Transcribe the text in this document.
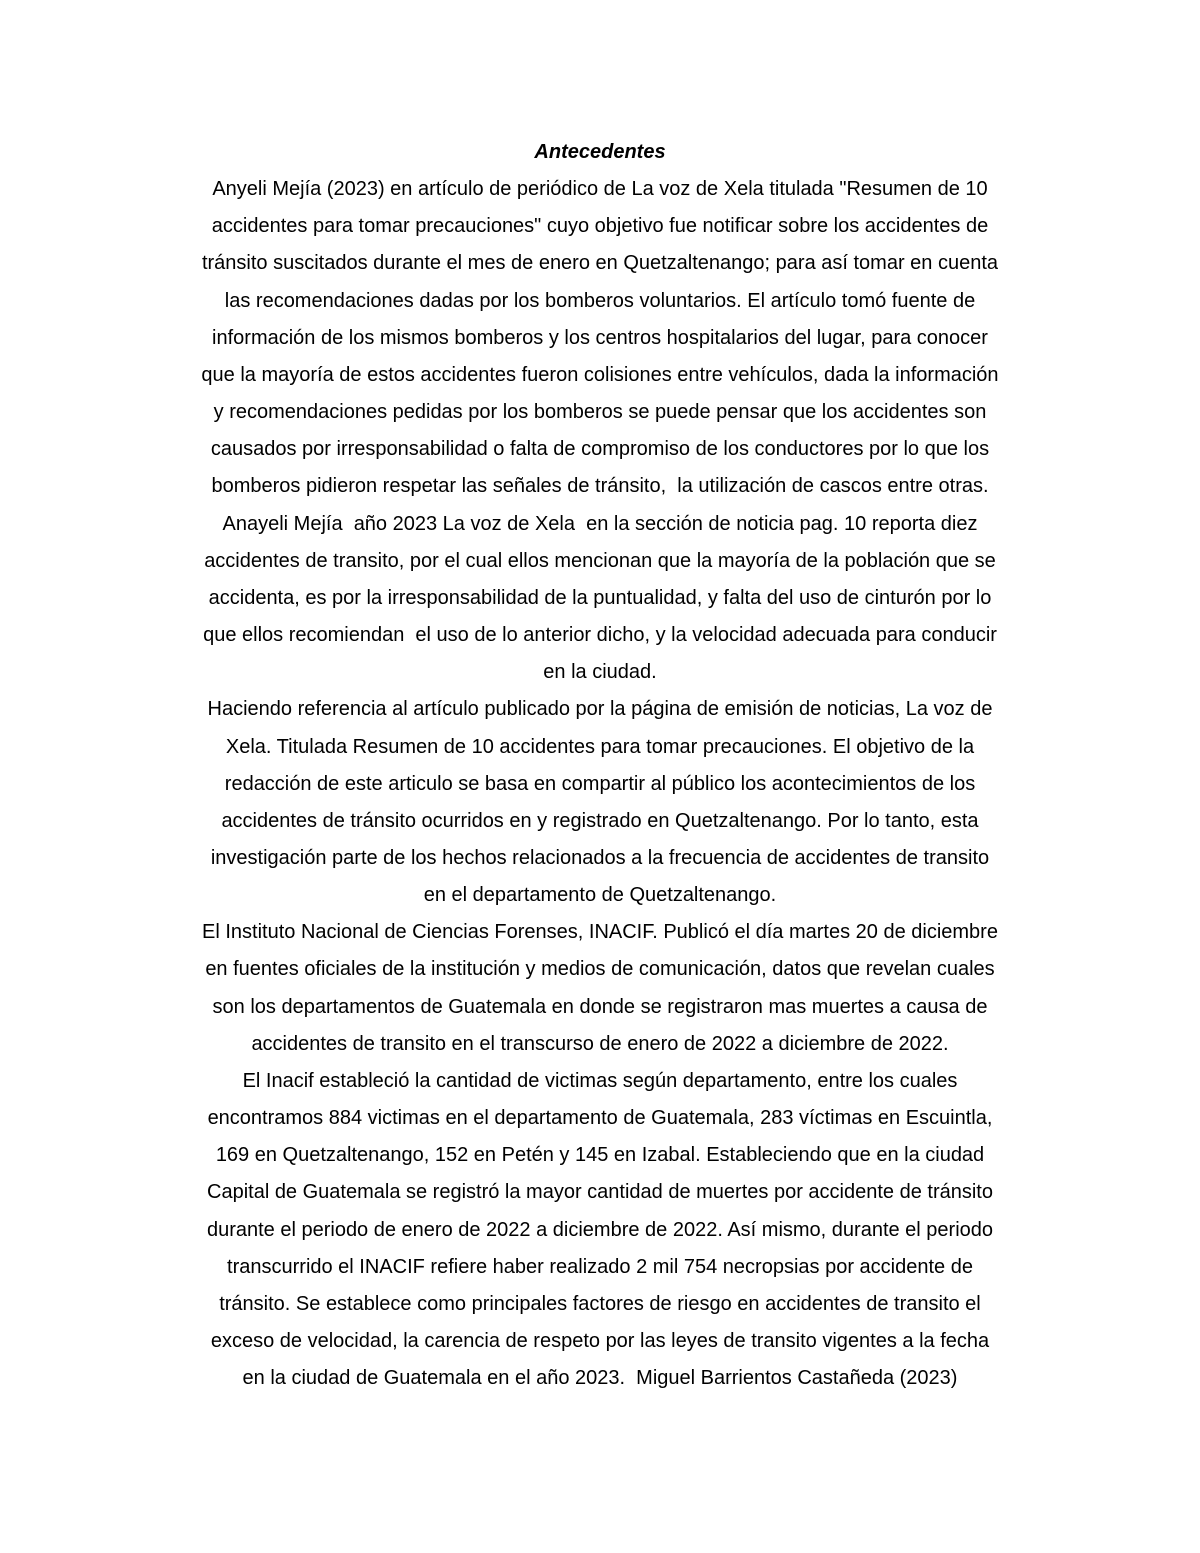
Antecedentes
Anyeli Mejía (2023) en artículo de periódico de La voz de Xela titulada "Resumen de 10
accidentes para tomar precauciones" cuyo objetivo fue notificar sobre los accidentes de
tránsito suscitados durante el mes de enero en Quetzaltenango; para así tomar en cuenta
las recomendaciones dadas por los bomberos voluntarios. El artículo tomó fuente de
información de los mismos bomberos y los centros hospitalarios del lugar, para conocer
que la mayoría de estos accidentes fueron colisiones entre vehículos, dada la información
y recomendaciones pedidas por los bomberos se puede pensar que los accidentes son
causados por irresponsabilidad o falta de compromiso de los conductores por lo que los
bomberos pidieron respetar las señales de tránsito,  la utilización de cascos entre otras.
Anayeli Mejía  año 2023 La voz de Xela  en la sección de noticia pag. 10 reporta diez
accidentes de transito, por el cual ellos mencionan que la mayoría de la población que se
accidenta, es por la irresponsabilidad de la puntualidad, y falta del uso de cinturón por lo
que ellos recomiendan  el uso de lo anterior dicho, y la velocidad adecuada para conducir
en la ciudad.
Haciendo referencia al artículo publicado por la página de emisión de noticias, La voz de
Xela. Titulada Resumen de 10 accidentes para tomar precauciones. El objetivo de la
redacción de este articulo se basa en compartir al público los acontecimientos de los
accidentes de tránsito ocurridos en y registrado en Quetzaltenango. Por lo tanto, esta
investigación parte de los hechos relacionados a la frecuencia de accidentes de transito
en el departamento de Quetzaltenango.
El Instituto Nacional de Ciencias Forenses, INACIF. Publicó el día martes 20 de diciembre
en fuentes oficiales de la institución y medios de comunicación, datos que revelan cuales
son los departamentos de Guatemala en donde se registraron mas muertes a causa de
accidentes de transito en el transcurso de enero de 2022 a diciembre de 2022.
El Inacif estableció la cantidad de victimas según departamento, entre los cuales
encontramos 884 victimas en el departamento de Guatemala, 283 víctimas en Escuintla,
169 en Quetzaltenango, 152 en Petén y 145 en Izabal. Estableciendo que en la ciudad
Capital de Guatemala se registró la mayor cantidad de muertes por accidente de tránsito
durante el periodo de enero de 2022 a diciembre de 2022. Así mismo, durante el periodo
transcurrido el INACIF refiere haber realizado 2 mil 754 necropsias por accidente de
tránsito. Se establece como principales factores de riesgo en accidentes de transito el
exceso de velocidad, la carencia de respeto por las leyes de transito vigentes a la fecha
en la ciudad de Guatemala en el año 2023.  Miguel Barrientos Castañeda (2023)
